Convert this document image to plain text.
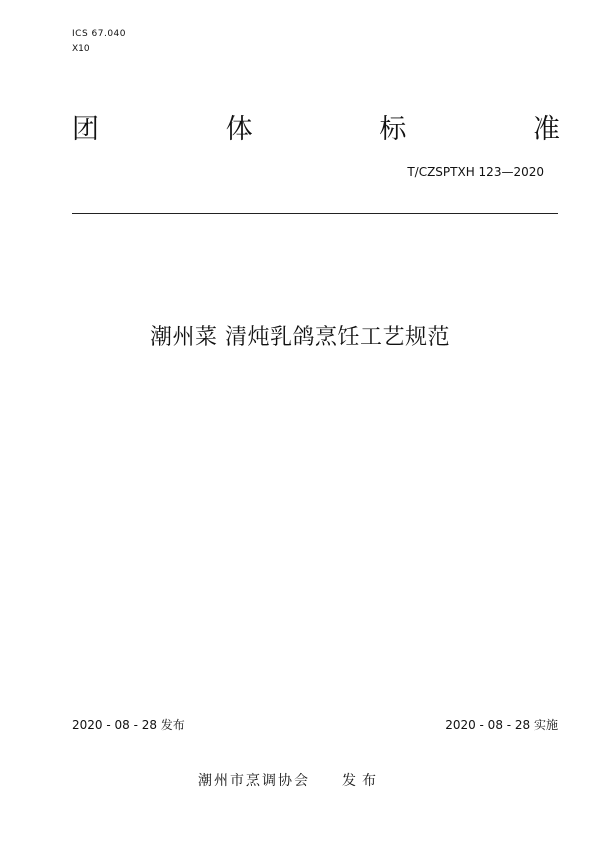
ICS 67.040
X10
团	体	标	准
T/CZSPTXH 123—2020
潮州菜 清炖乳鸽烹饪工艺规范
2020 - 08 - 28 发布	2020 - 08 - 28 实施
潮州市烹调协会 发布
